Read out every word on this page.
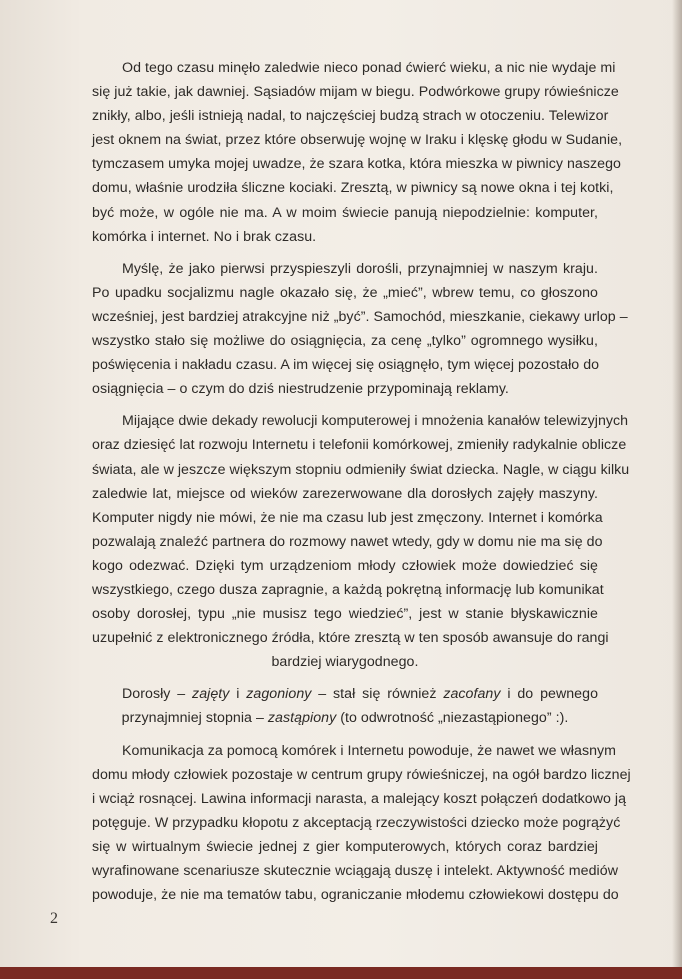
Od tego czasu minęło zaledwie nieco ponad ćwierć wieku, a nic nie wydaje mi
się już takie, jak dawniej. Sąsiadów mijam w biegu. Podwórkowe grupy rówieśnicze
znikły, albo, jeśli istnieją nadal, to najczęściej budzą strach w otoczeniu. Telewizor
jest oknem na świat, przez które obserwuję wojnę w Iraku i klęskę głodu w Sudanie,
tymczasem umyka mojej uwadze, że szara kotka, która mieszka w piwnicy naszego
domu, właśnie urodziła śliczne kociaki. Zresztą, w piwnicy są nowe okna i tej kotki,
być może, w ogóle nie ma. A w moim świecie panują niepodzielnie: komputer,
komórka i internet. No i brak czasu.

Myślę, że jako pierwsi przyspieszyli dorośli, przynajmniej w naszym kraju.
Po upadku socjalizmu nagle okazało się, że „mieć”, wbrew temu, co głoszono
wcześniej, jest bardziej atrakcyjne niż „być”. Samochód, mieszkanie, ciekawy urlop –
wszystko stało się możliwe do osiągnięcia, za cenę „tylko” ogromnego wysiłku,
poświęcenia i nakładu czasu. A im więcej się osiągnęło, tym więcej pozostało do
osiągnięcia – o czym do dziś niestrudzenie przypominają reklamy.

Mijające dwie dekady rewolucji komputerowej i mnożenia kanałów telewizyjnych
oraz dziesięć lat rozwoju Internetu i telefonii komórkowej, zmieniły radykalnie oblicze
świata, ale w jeszcze większym stopniu odmieniły świat dziecka. Nagle, w ciągu kilku
zaledwie lat, miejsce od wieków zarezerwowane dla dorosłych zajęły maszyny.
Komputer nigdy nie mówi, że nie ma czasu lub jest zmęczony. Internet i komórka
pozwalają znaleźć partnera do rozmowy nawet wtedy, gdy w domu nie ma się do
kogo odezwać. Dzięki tym urządzeniom młody człowiek może dowiedzieć się
wszystkiego, czego dusza zapragnie, a każdą pokrętną informację lub komunikat
osoby dorosłej, typu „nie musisz tego wiedzieć”, jest w stanie błyskawicznie
uzupełnić z elektronicznego źródła, które zresztą w ten sposób awansuje do rangi
bardziej wiarygodnego.

Dorosły – zajęty i zagoniony – stał się również zacofany i do pewnego
przynajmniej stopnia – zastąpiony (to odwrotność „niezastąpionego” :).

Komunikacja za pomocą komórek i Internetu powoduje, że nawet we własnym
domu młody człowiek pozostaje w centrum grupy rówieśniczej, na ogół bardzo licznej
i wciąż rosnącej. Lawina informacji narasta, a malejący koszt połączeń dodatkowo ją
potęguje. W przypadku kłopotu z akceptacją rzeczywistości dziecko może pogrążyć
się w wirtualnym świecie jednej z gier komputerowych, których coraz bardziej
wyrafinowane scenariusze skutecznie wciągają duszę i intelekt. Aktywność mediów
powoduje, że nie ma tematów tabu, ograniczanie młodemu człowiekowi dostępu do

2
